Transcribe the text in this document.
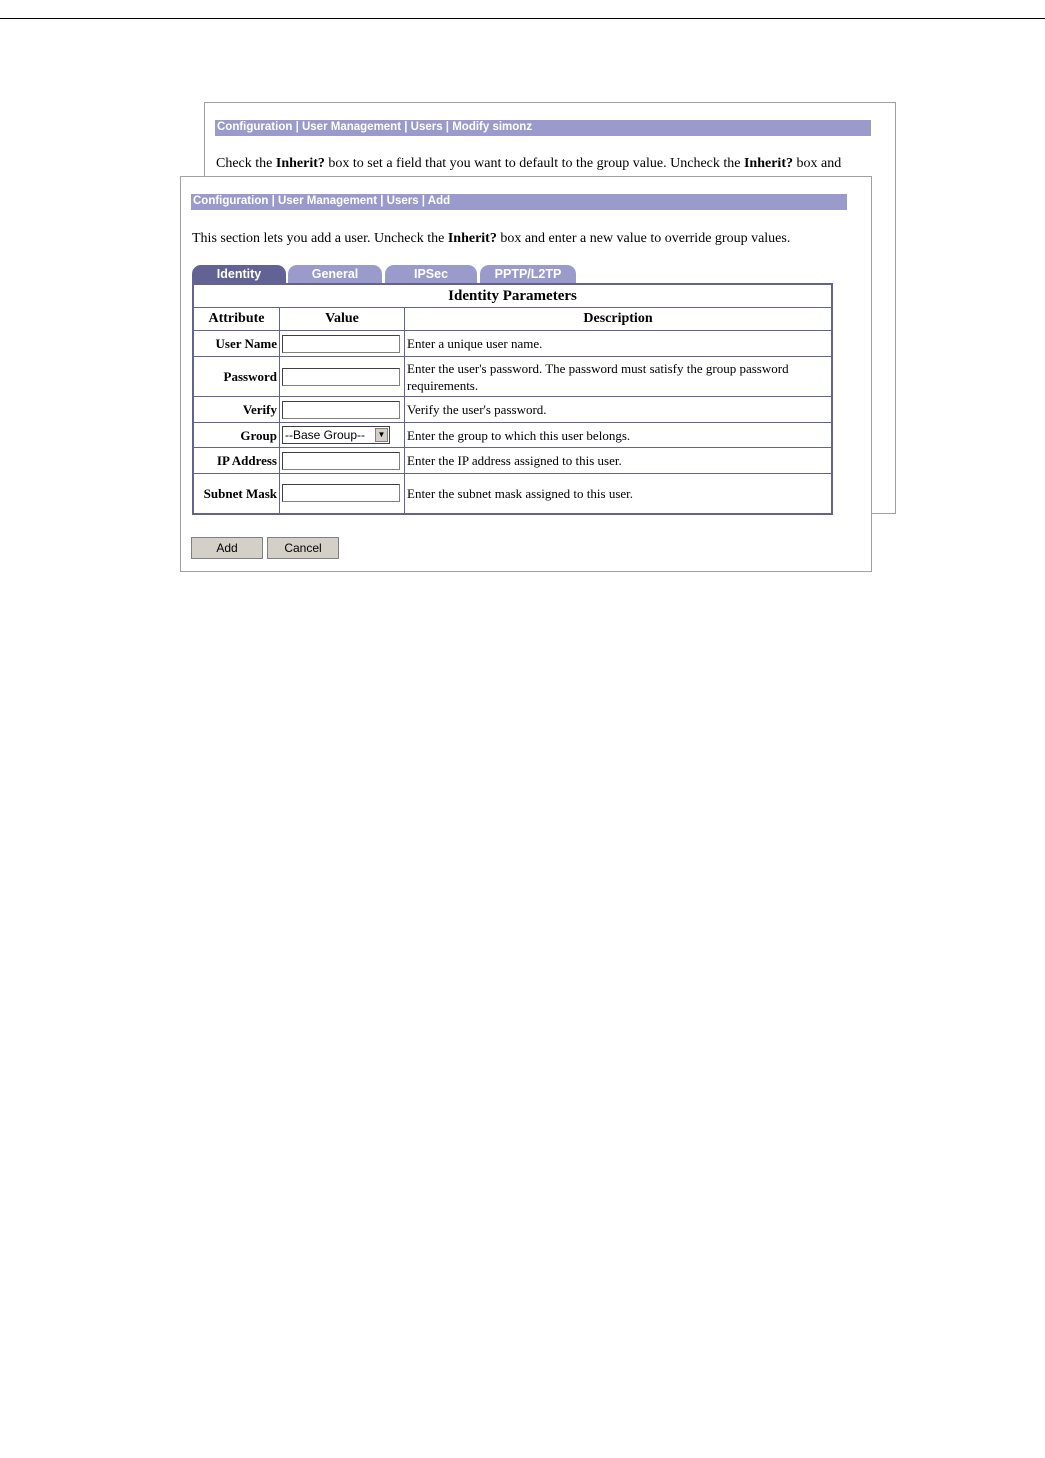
Configuration | User Management | Users | Modify simonz
Check the Inherit? box to set a field that you want to default to the group value. Uncheck the Inherit? box and
Configuration | User Management | Users | Add
This section lets you add a user. Uncheck the Inherit? box and enter a new value to override group values.
Identity	General	IPSec	PPTP/L2TP
Identity Parameters		
Attribute	Value	Description
User Name		Enter a unique user name.
Password		Enter the user's password. The password must satisfy the group password requirements.
Verify		Verify the user's password.
Group	--Base Group-- ▼	Enter the group to which this user belongs.
IP Address		Enter the IP address assigned to this user.
Subnet Mask		Enter the subnet mask assigned to this user.
Add	Cancel
